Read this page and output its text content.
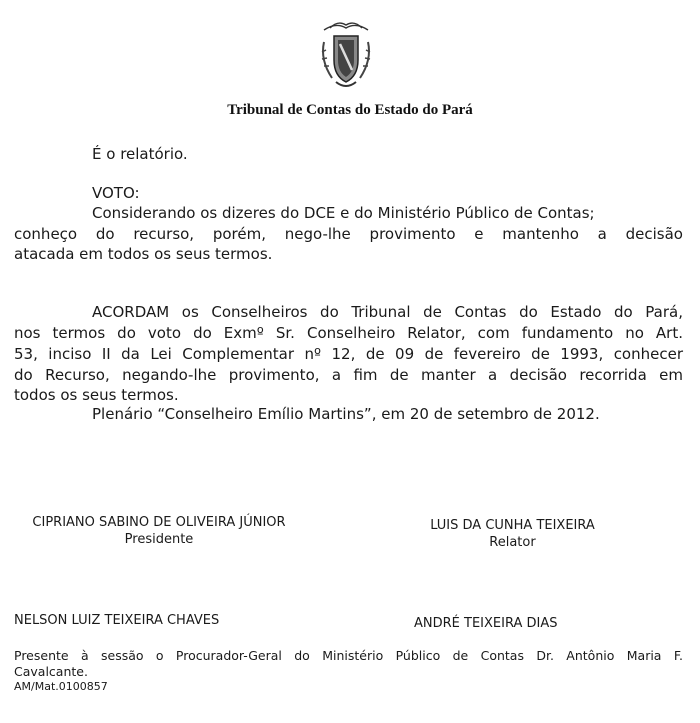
Tribunal de Contas do Estado do Pará
É o relatório.
VOTO:
Considerando os dizeres do DCE e do Ministério Público de Contas;
conheço do recurso, porém, nego-lhe provimento e mantenho a decisão
atacada em todos os seus termos.
ACORDAM os Conselheiros do Tribunal de Contas do Estado do Pará,
nos termos do voto do Exmº Sr. Conselheiro Relator, com fundamento no Art.
53, inciso II da Lei Complementar nº 12, de 09 de fevereiro de 1993, conhecer
do Recurso, negando-lhe provimento, a fim de manter a decisão recorrida em
todos os seus termos.
Plenário “Conselheiro Emílio Martins”, em 20 de setembro de 2012.
CIPRIANO SABINO DE OLIVEIRA JÚNIOR
Presidente
LUIS DA CUNHA TEIXEIRA
Relator
NELSON LUIZ TEIXEIRA CHAVES	ANDRÉ TEIXEIRA DIAS
Presente à sessão o Procurador-Geral do Ministério Público de Contas Dr. Antônio Maria F.
Cavalcante.
AM/Mat.0100857
